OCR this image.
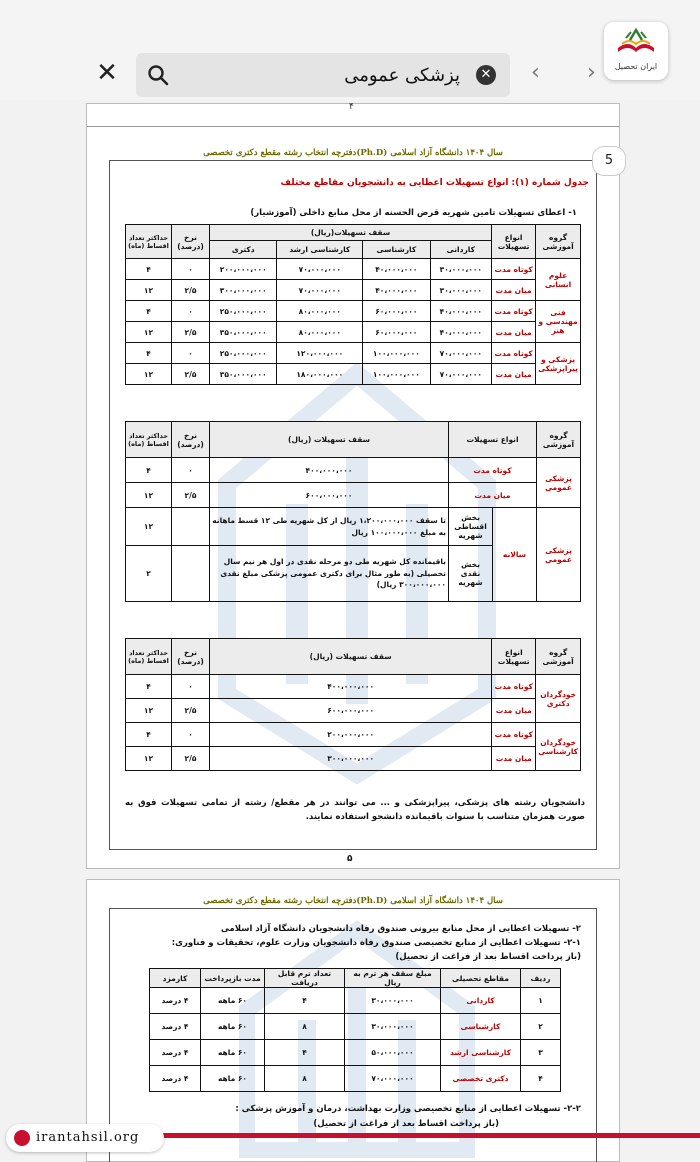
✕
پزشکی عمومی	✕ ‹ ›	ایران تحصیل
۴
دفترچه انتخاب رشته مقطع دکتری تخصصی(Ph.D) سال ۱۴۰۴ دانشگاه آزاد اسلامی
جدول شماره (۱): انواع تسهیلات اعطایی به دانشجویان مقاطع مختلف
۱- اعطای تسهیلات تامین شهریه قرض الحسنه از محل منابع داخلی (آموزشیار)
گروه آموزشی	انواع تسهیلات	سقف تسهیلات(ریال)				نرخ (درصد)	حداکثر تعداد اقساط (ماه)
		کاردانی	کارشناسی	کارشناسی ارشد	دکتری		
علوم انسانی	کوتاه مدت	۳۰،۰۰۰،۰۰۰	۴۰،۰۰۰،۰۰۰	۷۰،۰۰۰،۰۰۰	۲۰۰،۰۰۰،۰۰۰	۰	۴
	میان مدت	۳۰،۰۰۰،۰۰۰	۴۰،۰۰۰،۰۰۰	۷۰،۰۰۰،۰۰۰	۳۰۰،۰۰۰،۰۰۰	۲/۵	۱۲
فنی مهندسی و هنر	کوتاه مدت	۴۰،۰۰۰،۰۰۰	۶۰،۰۰۰،۰۰۰	۸۰،۰۰۰،۰۰۰	۲۵۰،۰۰۰،۰۰۰	۰	۴
	میان مدت	۴۰،۰۰۰،۰۰۰	۶۰،۰۰۰،۰۰۰	۸۰،۰۰۰،۰۰۰	۳۵۰،۰۰۰،۰۰۰	۲/۵	۱۲
پزشکی و پیراپزشکی	کوتاه مدت	۷۰،۰۰۰،۰۰۰	۱۰۰،۰۰۰،۰۰۰	۱۲۰،۰۰۰،۰۰۰	۲۵۰،۰۰۰،۰۰۰	۰	۴
	میان مدت	۷۰،۰۰۰،۰۰۰	۱۰۰،۰۰۰،۰۰۰	۱۸۰،۰۰۰،۰۰۰	۳۵۰،۰۰۰،۰۰۰	۲/۵	۱۲
گروه آموزشی	انواع تسهیلات		سقف تسهیلات (ریال)	نرخ (درصد)	حداکثر تعداد اقساط (ماه)
پزشکی عمومی	کوتاه مدت		۴۰۰،۰۰۰،۰۰۰	۰	۴
	میان مدت		۶۰۰،۰۰۰،۰۰۰	۲/۵	۱۲
پزشکی عمومی	سالانه	بخش اقساطی شهریه	تا سقف ۱،۲۰۰،۰۰۰،۰۰۰ ریال از کل شهریه طی ۱۲ قسط ماهانه به مبلغ ۱۰۰،۰۰۰،۰۰۰ ریال		۱۲
		بخش نقدی شهریه	باقیمانده کل شهریه طی دو مرحله نقدی در اول هر نیم سال تحصیلی (به طور مثال برای دکتری عمومی پزشکی مبلغ نقدی ۳۰۰،۰۰۰،۰۰۰ ریال)		۲
گروه آموزشی	انواع تسهیلات	سقف تسهیلات (ریال)	نرخ (درصد)	حداکثر تعداد اقساط (ماه)
خودگردان دکتری	کوتاه مدت	۴۰۰،۰۰۰،۰۰۰	۰	۴
	میان مدت	۶۰۰،۰۰۰،۰۰۰	۲/۵	۱۲
خودگردان کارشناسی	کوتاه مدت	۲۰۰،۰۰۰،۰۰۰	۰	۴
	میان مدت	۳۰۰،۰۰۰،۰۰۰	۲/۵	۱۲
دانشجویان رشته های پزشکی، پیراپزشکی و ... می توانند در هر مقطع/ رشته از تمامی تسهیلات فوق به صورت همزمان متناسب با سنوات باقیمانده دانشجو استفاده نمایند.
۵
5
دفترچه انتخاب رشته مقطع دکتری تخصصی(Ph.D) سال ۱۴۰۴ دانشگاه آزاد اسلامی
۲- تسهیلات اعطایی از محل منابع بیرونی صندوق رفاه دانشجویان دانشگاه آزاد اسلامی
۲-۱- تسهیلات اعطایی از منابع تخصیصی صندوق رفاه دانشجویان وزارت علوم، تحقیقات و فناوری:
(باز پرداخت اقساط بعد از فراغت از تحصیل)
ردیف	مقاطع تحصیلی	مبلغ سقف هر ترم به ریال	تعداد ترم قابل دریافت	مدت بازپرداخت	کارمزد
۱	کاردانی	۳۰،۰۰۰،۰۰۰	۴	۶۰ ماهه	۴ درصد
۲	کارشناسی	۳۰،۰۰۰،۰۰۰	۸	۶۰ ماهه	۴ درصد
۳	کارشناسی ارشد	۵۰،۰۰۰،۰۰۰	۴	۶۰ ماهه	۴ درصد
۴	دکتری تخصصی	۷۰،۰۰۰،۰۰۰	۸	۶۰ ماهه	۴ درصد
۲-۲- تسهیلات اعطایی از منابع تخصیصی وزارت بهداشت، درمان و آموزش پزشکی :
(باز پرداخت اقساط بعد از فراغت از تحصیل)
irantahsil.org
